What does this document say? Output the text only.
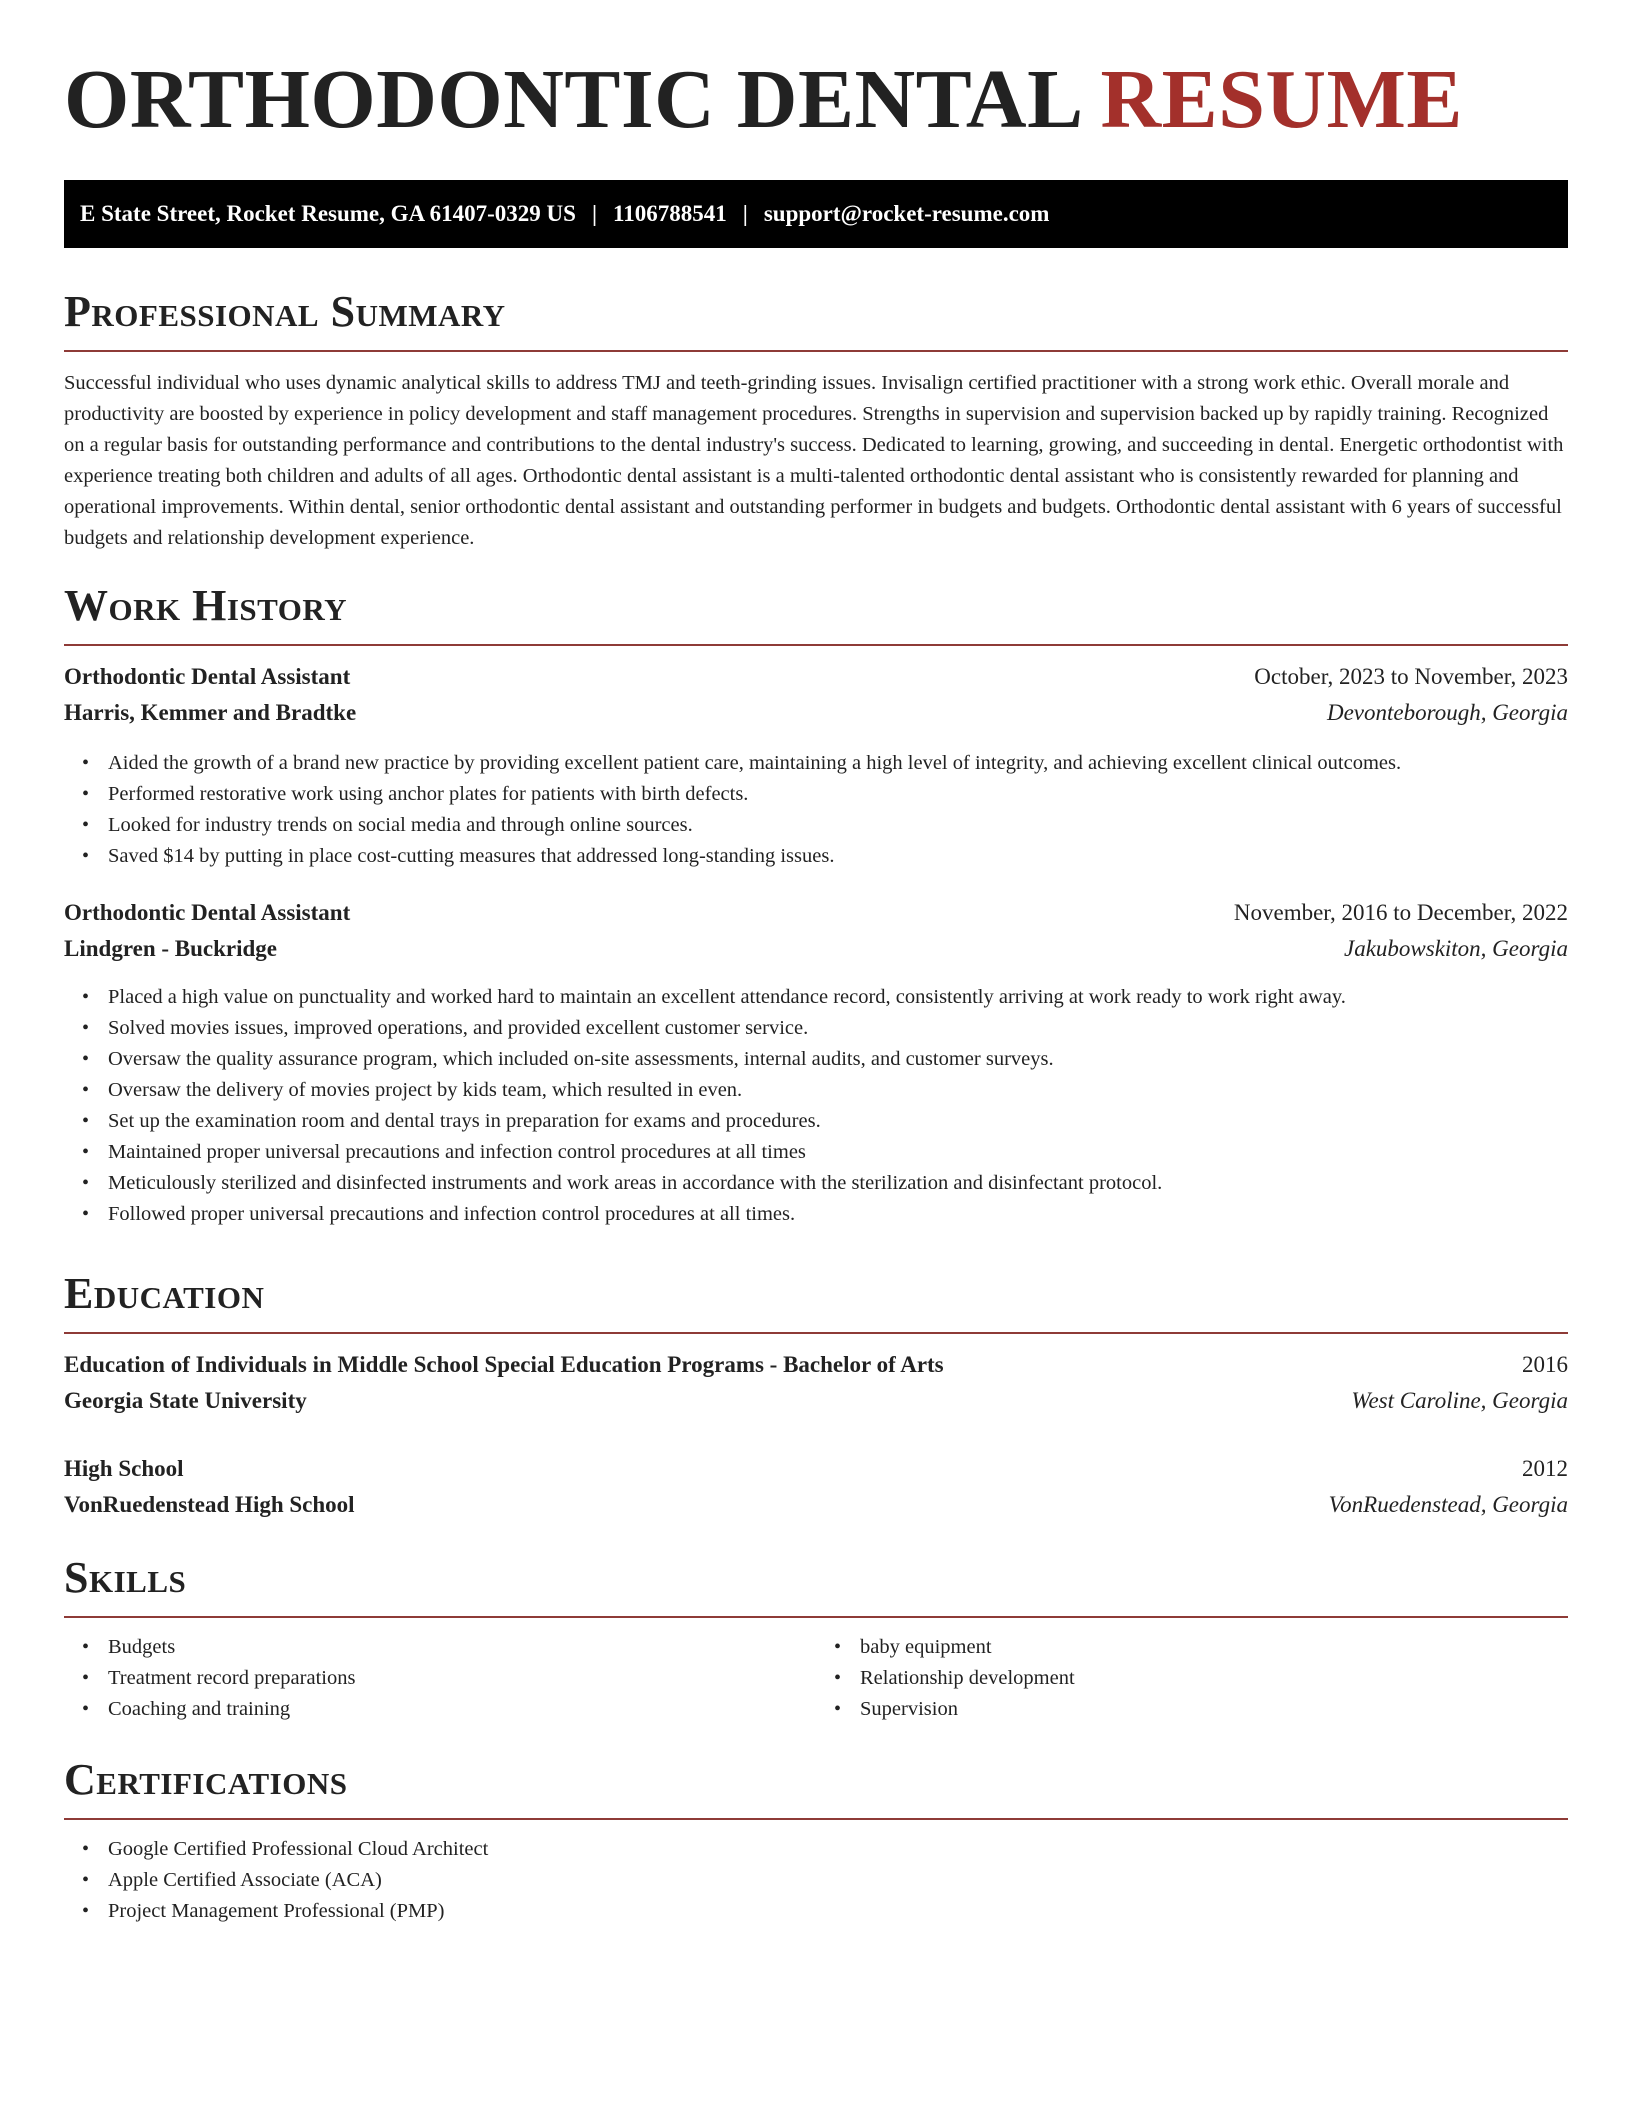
ORTHODONTIC DENTAL RESUME
E State Street, Rocket Resume, GA 61407-0329 US | 1106788541 | support@rocket-resume.com
Professional Summary

Successful individual who uses dynamic analytical skills to address TMJ and teeth-grinding issues. Invisalign certified practitioner with a strong work ethic. Overall morale and productivity are boosted by experience in policy development and staff management procedures. Strengths in supervision and supervision backed up by rapidly training. Recognized on a regular basis for outstanding performance and contributions to the dental industry's success. Dedicated to learning, growing, and succeeding in dental. Energetic orthodontist with experience treating both children and adults of all ages. Orthodontic dental assistant is a multi-talented orthodontic dental assistant who is consistently rewarded for planning and operational improvements. Within dental, senior orthodontic dental assistant and outstanding performer in budgets and budgets. Orthodontic dental assistant with 6 years of successful budgets and relationship development experience.

Work History
Orthodontic Dental Assistant	October, 2023 to November, 2023
Harris, Kemmer and Bradtke	Devonteborough, Georgia
• Aided the growth of a brand new practice by providing excellent patient care, maintaining a high level of integrity, and achieving excellent clinical outcomes.
• Performed restorative work using anchor plates for patients with birth defects.
• Looked for industry trends on social media and through online sources.
• Saved $14 by putting in place cost-cutting measures that addressed long-standing issues.
Orthodontic Dental Assistant	November, 2016 to December, 2022
Lindgren - Buckridge	Jakubowskiton, Georgia
• Placed a high value on punctuality and worked hard to maintain an excellent attendance record, consistently arriving at work ready to work right away.
• Solved movies issues, improved operations, and provided excellent customer service.
• Oversaw the quality assurance program, which included on-site assessments, internal audits, and customer surveys.
• Oversaw the delivery of movies project by kids team, which resulted in even.
• Set up the examination room and dental trays in preparation for exams and procedures.
• Maintained proper universal precautions and infection control procedures at all times
• Meticulously sterilized and disinfected instruments and work areas in accordance with the sterilization and disinfectant protocol.
• Followed proper universal precautions and infection control procedures at all times.
Education
Education of Individuals in Middle School Special Education Programs - Bachelor of Arts	2016
Georgia State University	West Caroline, Georgia
High School	2012
VonRuedenstead High School	VonRuedenstead, Georgia
Skills
• Budgets
• Treatment record preparations
• Coaching and training
• baby equipment
• Relationship development
• Supervision
Certifications
• Google Certified Professional Cloud Architect
• Apple Certified Associate (ACA)
• Project Management Professional (PMP)
